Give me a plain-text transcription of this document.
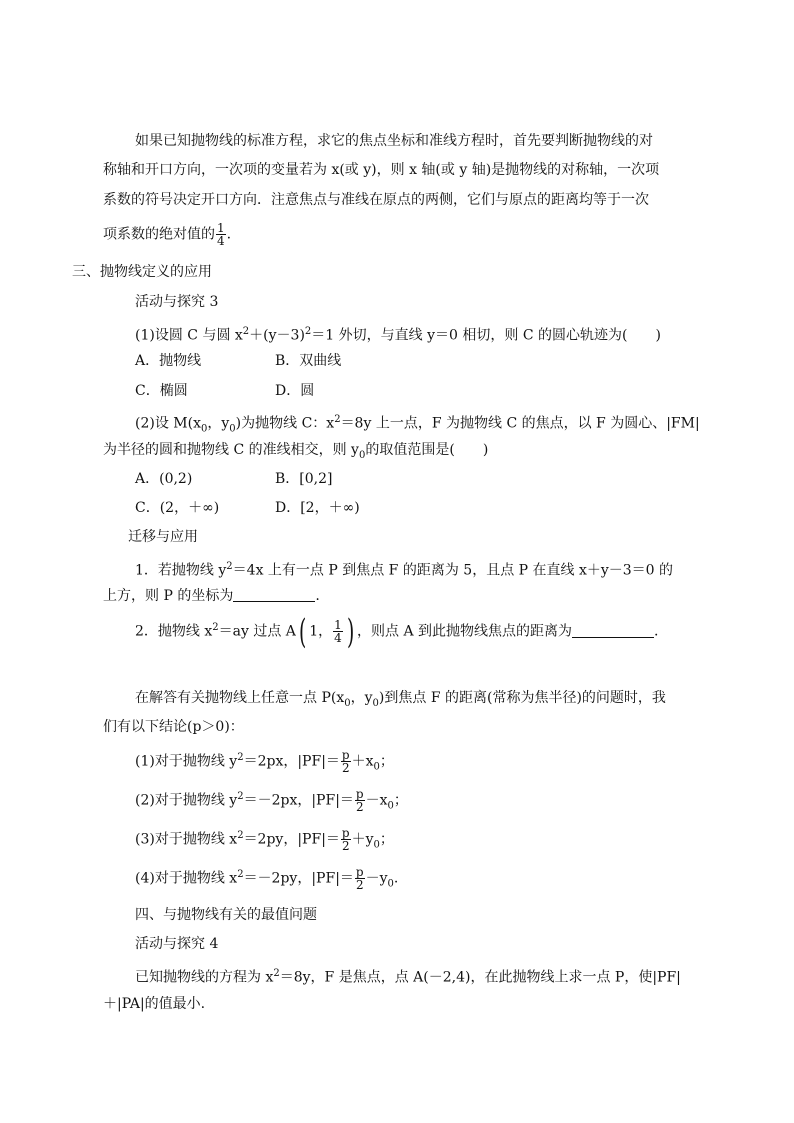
如果已知抛物线的标准方程，求它的焦点坐标和准线方程时，首先要判断抛物线的对
称轴和开口方向，一次项的变量若为 x(或 y)，则 x 轴(或 y 轴)是抛物线的对称轴，一次项
系数的符号决定开口方向．注意焦点与准线在原点的两侧，它们与原点的距离均等于一次
项系数的绝对值的 $\frac{1}{4}$ .
三、抛物线定义的应用
活动与探究 3
(1)设圆 C 与圆 $x^2+(y-3)^2=1$ 外切，与直线 y＝0 相切，则 C 的圆心轨迹为(　　)
A．抛物线	B．双曲线
C．椭圆	D．圆
(2)设 $M(x_0$，$y_0$)为抛物线 C：$x^2=8y$ 上一点，F 为抛物线 C 的焦点，以 F 为圆心、|FM|
为半径的圆和抛物线 C 的准线相交，则 $y_0$的取值范围是(　　)
A．(0,2)	B．[0,2]
C．(2，＋∞)	D．[2，＋∞)
迁移与应用
1．若抛物线 $y^2=4x$ 上有一点 P 到焦点 F 的距离为 5，且点 P 在直线 x＋y－3＝0 的
上方，则 P 的坐标为	.
2．抛物线 $x^2=ay$ 过点 A( 1， $\frac{1}{4}$ ) ，则点 A 到此抛物线焦点的距离为	.
在解答有关抛物线上任意一点 $P(x_0$，$y_0$)到焦点 F 的距离(常称为焦半径)的问题时，我
们有以下结论(p＞0)：
(1)对于抛物线 $y^2=2px$，$|PF|= \frac{p}{2} +x_0$；
(2)对于抛物线 $y^2=-2px$，$|PF|= \frac{p}{2} -x_0$；
(3)对于抛物线 $x^2=2py$，$|PF|= \frac{p}{2} +y_0$；
(4)对于抛物线 $x^2=-2py$，$|PF|= \frac{p}{2} -y_0$.
四、与抛物线有关的最值问题
活动与探究 4
已知抛物线的方程为 $x^2=8y$，F 是焦点，点 A(－2,4)，在此抛物线上求一点 P，使|PF|
＋|PA|的值最小.
